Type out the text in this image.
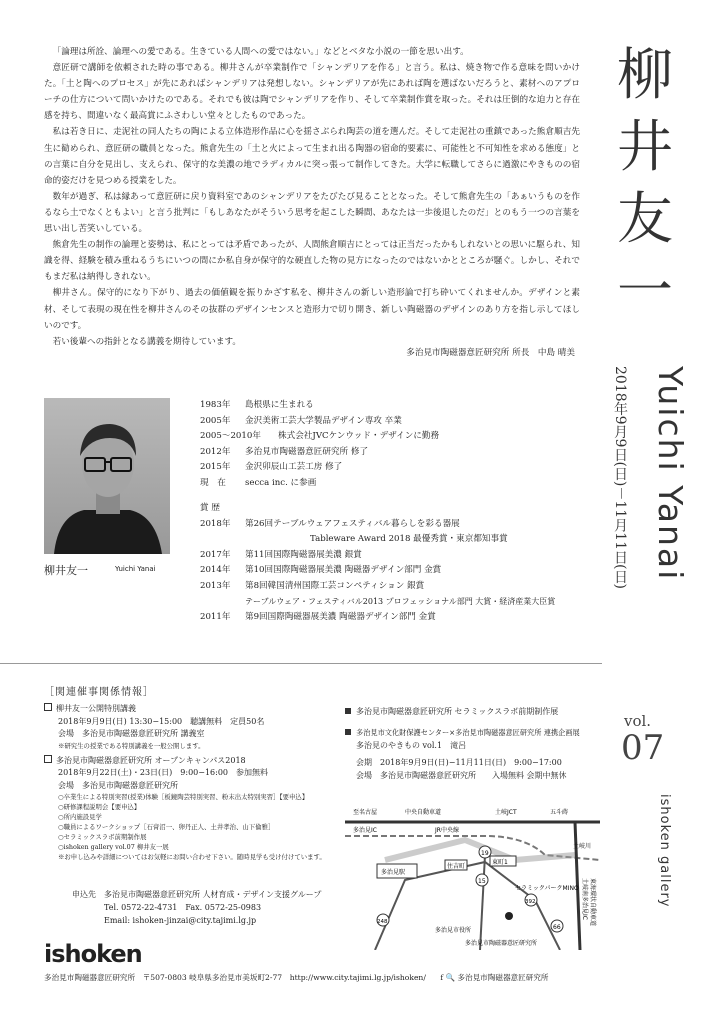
「論理は所詮、論理への愛である。生きている人間への愛ではない。」などとベタな小説の一節を思い出す。

意匠研で講師を依頼された時の事である。柳井さんが卒業制作で「シャンデリアを作る」と言う。私は、焼き物で作る意味を問いかけた。「土と陶へのプロセス」が先にあればシャンデリアは発想しない。シャンデリアが先にあれば陶を選ばないだろうと、素材へのアプローチの仕方について問いかけたのである。それでも彼は陶でシャンデリアを作り、そして卒業制作賞を取った。それは圧倒的な迫力と存在感を持ち、間違いなく最高賞にふさわしい堂々としたものであった。

私は若き日に、走泥社の同人たちの陶による立体造形作品に心を揺さぶられ陶芸の道を選んだ。そして走泥社の重鎮であった熊倉順吉先生に勧められ、意匠研の職員となった。熊倉先生の「土と火によって生まれ出る陶器の宿命的要素に、可能性と不可知性を求める態度」との言葉に自分を見出し、支えられ、保守的な美濃の地でラディカルに突っ張って制作してきた。大学に転職してさらに過激にやきものの宿命的姿だけを見つめる授業をした。

数年が過ぎ、私は縁あって意匠研に戻り資料室であのシャンデリアをたびたび見ることとなった。そして熊倉先生の「あぁいうものを作るなら土でなくともよい」と言う批判に「もしあなたがそういう思考を起こした瞬間、あなたは一歩後退したのだ」とのもう一つの言葉を思い出し苦笑いしている。

熊倉先生の制作の論理と姿勢は、私にとっては矛盾であったが、人間熊倉順吉にとっては正当だったかもしれないとの思いに駆られ、知識を得、経験を積み重ねるうちにいつの間にか私自身が保守的な硬直した物の見方になったのではないかとところが騒ぐ。しかし、それでもまだ私は納得しきれない。

柳井さん。保守的になり下がり、過去の価値観を振りかざす私を、柳井さんの新しい造形論で打ち砕いてくれませんか。デザインと素材、そして表現の現在性を柳井さんのその抜群のデザインセンスと造形力で切り開き、新しい陶磁器のデザインのあり方を指し示してほしいのです。

若い後輩への指針となる講義を期待しています。

多治見市陶磁器意匠研究所 所長　中島 晴美
柳井友一
Yuichi Yanai
2018年9月9日(日)－11月11日(日)
柳井友一	Yuichi Yanai
1983年	島根県に生まれる
2005年	金沢美術工芸大学製品デザイン専攻 卒業
2005〜2010年	株式会社JVCケンウッド・デザインに勤務
2012年	多治見市陶磁器意匠研究所 修了
2015年	金沢卯辰山工芸工房 修了
現　在	secca inc. に参画
賞 歴
2018年	第26回テーブルウェアフェスティバル暮らしを彩る器展
Tableware Award 2018 最優秀賞・東京都知事賞
2017年	第11回国際陶磁器展美濃 銀賞
2014年	第10回国際陶磁器展美濃 陶磁器デザイン部門 金賞
2013年	第8回韓国清州国際工芸コンペティション 銀賞
テーブルウェア・フェスティバル2013 プロフェッショナル部門 大賞・経済産業大臣賞
2011年	第9回国際陶磁器展美濃 陶磁器デザイン部門 金賞
vol.
07
ishoken gallery
［関連催事関係情報］
柳井友一公開特別講義
2018年9月9日(日) 13:30−15:00　聴講無料　定員50名
会場　多治見市陶磁器意匠研究所 講義室
※研究生の授業である特別講義を一般公開します。
多治見市陶磁器意匠研究所 オープンキャンパス2018
2018年9月22日(土)・23日(日)　9:00−16:00　参加無料
会場　多治見市陶磁器意匠研究所
○卒業生による特別実習(授業)体験［板鏡陶芸特別実習、粉末出太特別実習］【要申込】
○研修課程説明会【要申込】
○所内施設見学
○職員によるワークショップ［石膏沼一、卵丹正人、土井孝治、山下倫雅］
○セラミックスラボ前期制作展
○ishoken gallery vol.07 柳井友一展
※お申し込みや詳細についてはお気軽にお問い合わせ下さい。随時見学も受け付けています。
申込先　 多治見市陶磁器意匠研究所 人材育成・デザイン支援グループ
Tel. 0572-22-4731　Fax. 0572-25-0983
Email: ishoken-jinzai@city.tajimi.lg.jp
多治見市陶磁器意匠研究所 セラミックスラボ前期制作展
多治見市文化財保護センター×多治見市陶磁器意匠研究所 連携企画展
多治見のやきもの vol.1　滝呂
会期　2018年9月9日(日)−11月11日(日)　9:00−17:00
会場　多治見市陶磁器意匠研究所　　入場無料 会期中無休
至名古屋	中央自動車道	土岐JCT	五斗蒔
多治見IC	JR中央線
土岐川
住吉町
東町1
多治見駅
セラミックパークMINO 土岐南多治見IC 東海環状自動車道
多治見市役所
多治見市陶磁器意匠研究所
19
15
248
392
66
ishoken
多治見市陶磁器意匠研究所　〒507-0803 岐阜県多治見市美坂町2-77　http://www.city.tajimi.lg.jp/ishoken/ f 🔍 多治見市陶磁器意匠研究所
